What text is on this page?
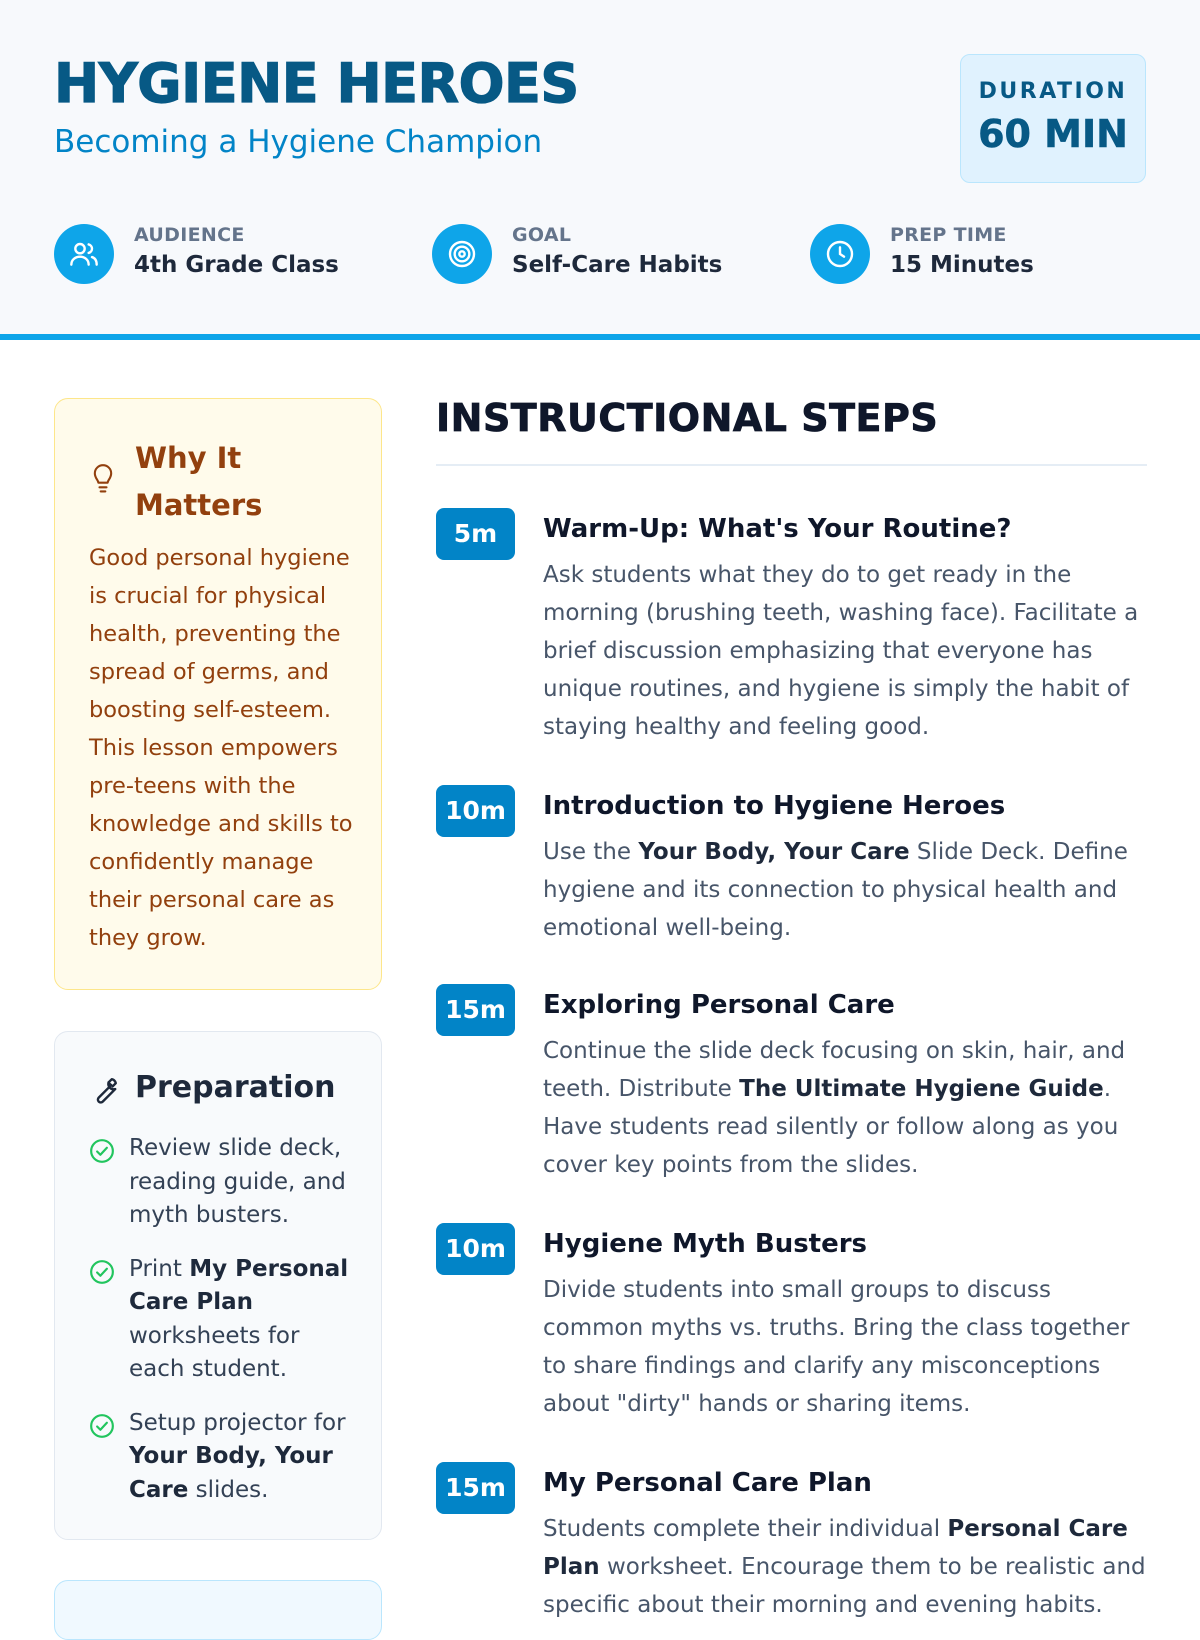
HYGIENE HEROES
Becoming a Hygiene Champion
DURATION
60 MIN
AUDIENCE
4th Grade Class
GOAL
Self-Care Habits
PREP TIME
15 Minutes
Why It Matters
Good personal hygiene is crucial for physical health, preventing the spread of germs, and boosting self-esteem. This lesson empowers pre-teens with the knowledge and skills to confidently manage their personal care as they grow.
Preparation
Review slide deck, reading guide, and myth busters.
Print My Personal Care Plan worksheets for each student.
Setup projector for Your Body, Your Care slides.
INSTRUCTIONAL STEPS
5m	Warm-Up: What's Your Routine?
Ask students what they do to get ready in the morning (brushing teeth, washing face). Facilitate a brief discussion emphasizing that everyone has unique routines, and hygiene is simply the habit of staying healthy and feeling good.
10m	Introduction to Hygiene Heroes
Use the Your Body, Your Care Slide Deck. Define hygiene and its connection to physical health and emotional well-being.
15m	Exploring Personal Care
Continue the slide deck focusing on skin, hair, and teeth. Distribute The Ultimate Hygiene Guide. Have students read silently or follow along as you cover key points from the slides.
10m	Hygiene Myth Busters
Divide students into small groups to discuss common myths vs. truths. Bring the class together to share findings and clarify any misconceptions about "dirty" hands or sharing items.
15m	My Personal Care Plan
Students complete their individual Personal Care Plan worksheet. Encourage them to be realistic and specific about their morning and evening habits.
